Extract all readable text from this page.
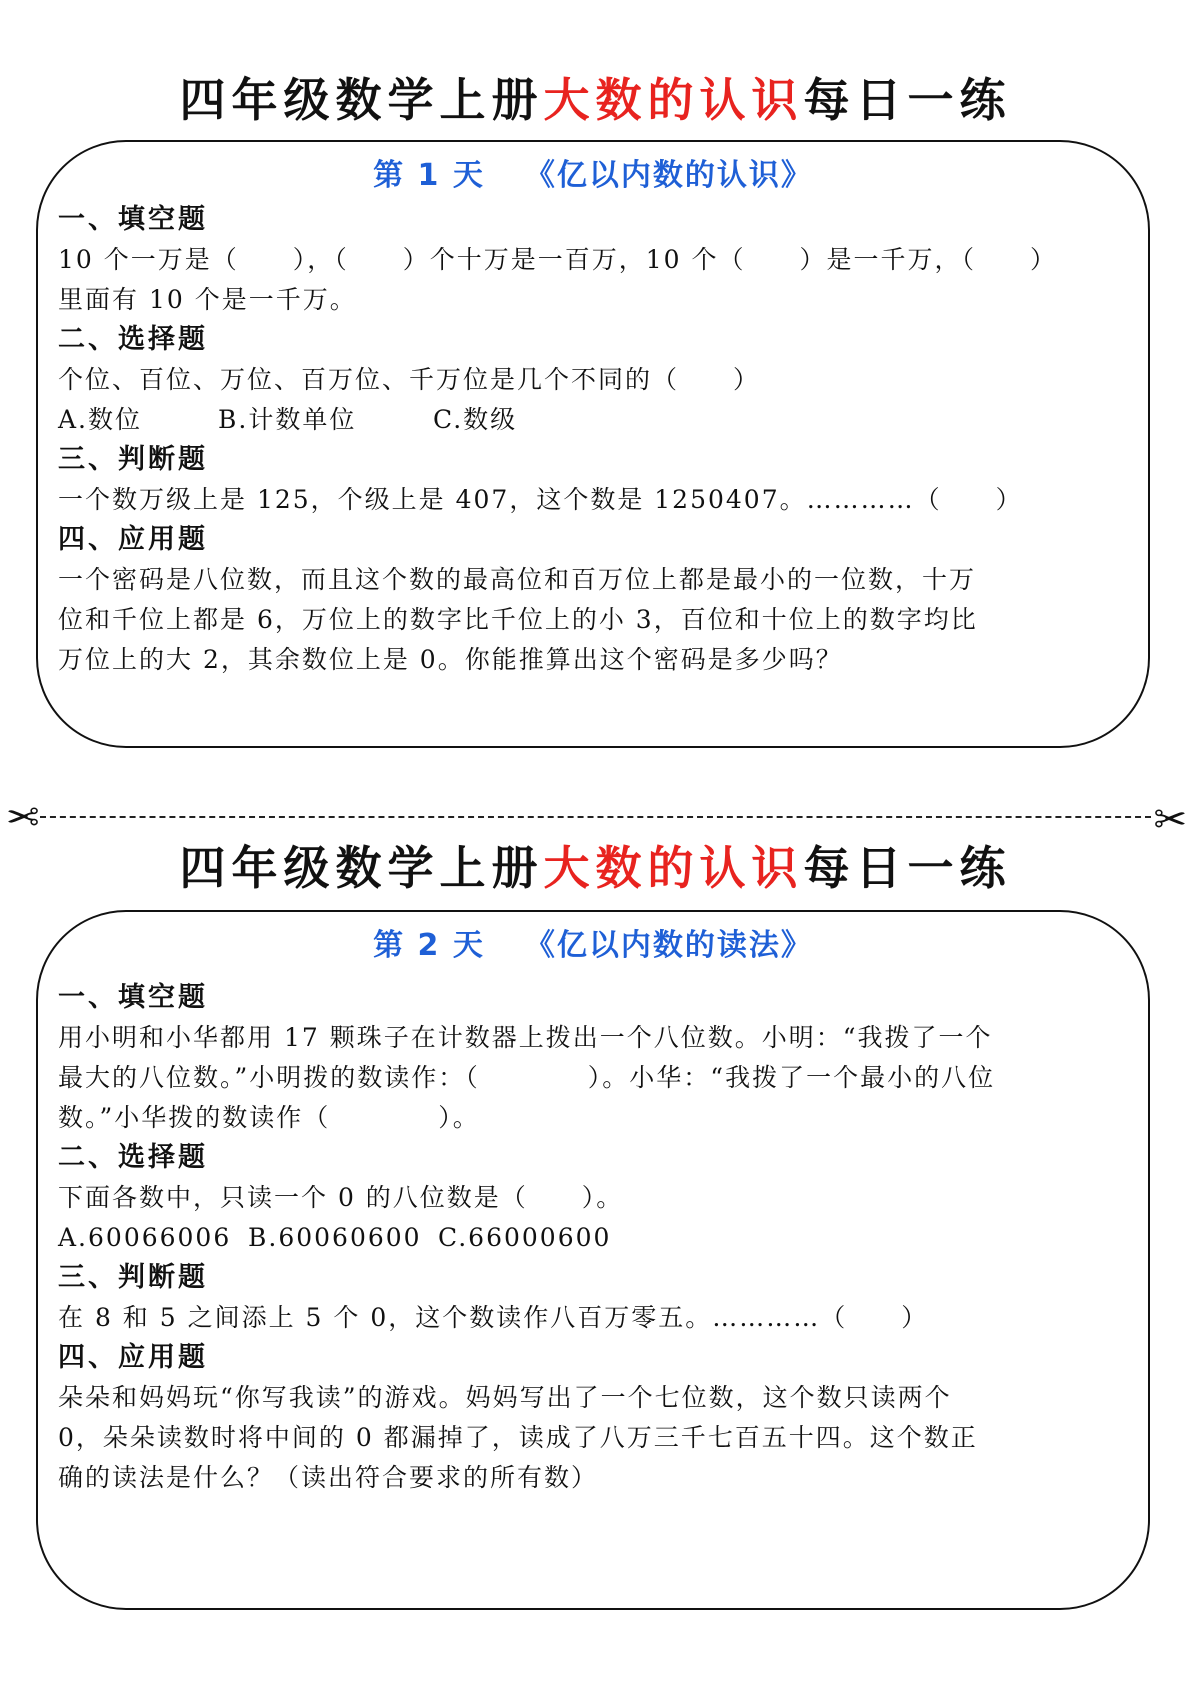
四年级数学上册大数的认识每日一练
第 1 天 《亿以内数的认识》
一、填空题
10 个一万是（　　），（　　）个十万是一百万，10 个（　　）是一千万，（　　）
里面有 10 个是一千万。
二、选择题
个位、百位、万位、百万位、千万位是几个不同的（　　）
A.数位	B.计数单位	C.数级
三、判断题
一个数万级上是 125，个级上是 407，这个数是 1250407。…………（　　）
四、应用题
一个密码是八位数，而且这个数的最高位和百万位上都是最小的一位数，十万
位和千位上都是 6，万位上的数字比千位上的小 3，百位和十位上的数字均比
万位上的大 2，其余数位上是 0。你能推算出这个密码是多少吗？
✂	✂
四年级数学上册大数的认识每日一练
第 2 天 《亿以内数的读法》
一、填空题
用小明和小华都用 17 颗珠子在计数器上拨出一个八位数。小明：“我拨了一个
最大的八位数。”小明拨的数读作：（　　　　）。小华：“我拨了一个最小的八位
数。”小华拨的数读作（　　　　）。
二、选择题
下面各数中，只读一个 0 的八位数是（　　）。
A.60066006 B.60060600 C.66000600
三、判断题
在 8 和 5 之间添上 5 个 0，这个数读作八百万零五。…………（　　）
四、应用题
朵朵和妈妈玩“你写我读”的游戏。妈妈写出了一个七位数，这个数只读两个
0，朵朵读数时将中间的 0 都漏掉了，读成了八万三千七百五十四。这个数正
确的读法是什么？（读出符合要求的所有数）
